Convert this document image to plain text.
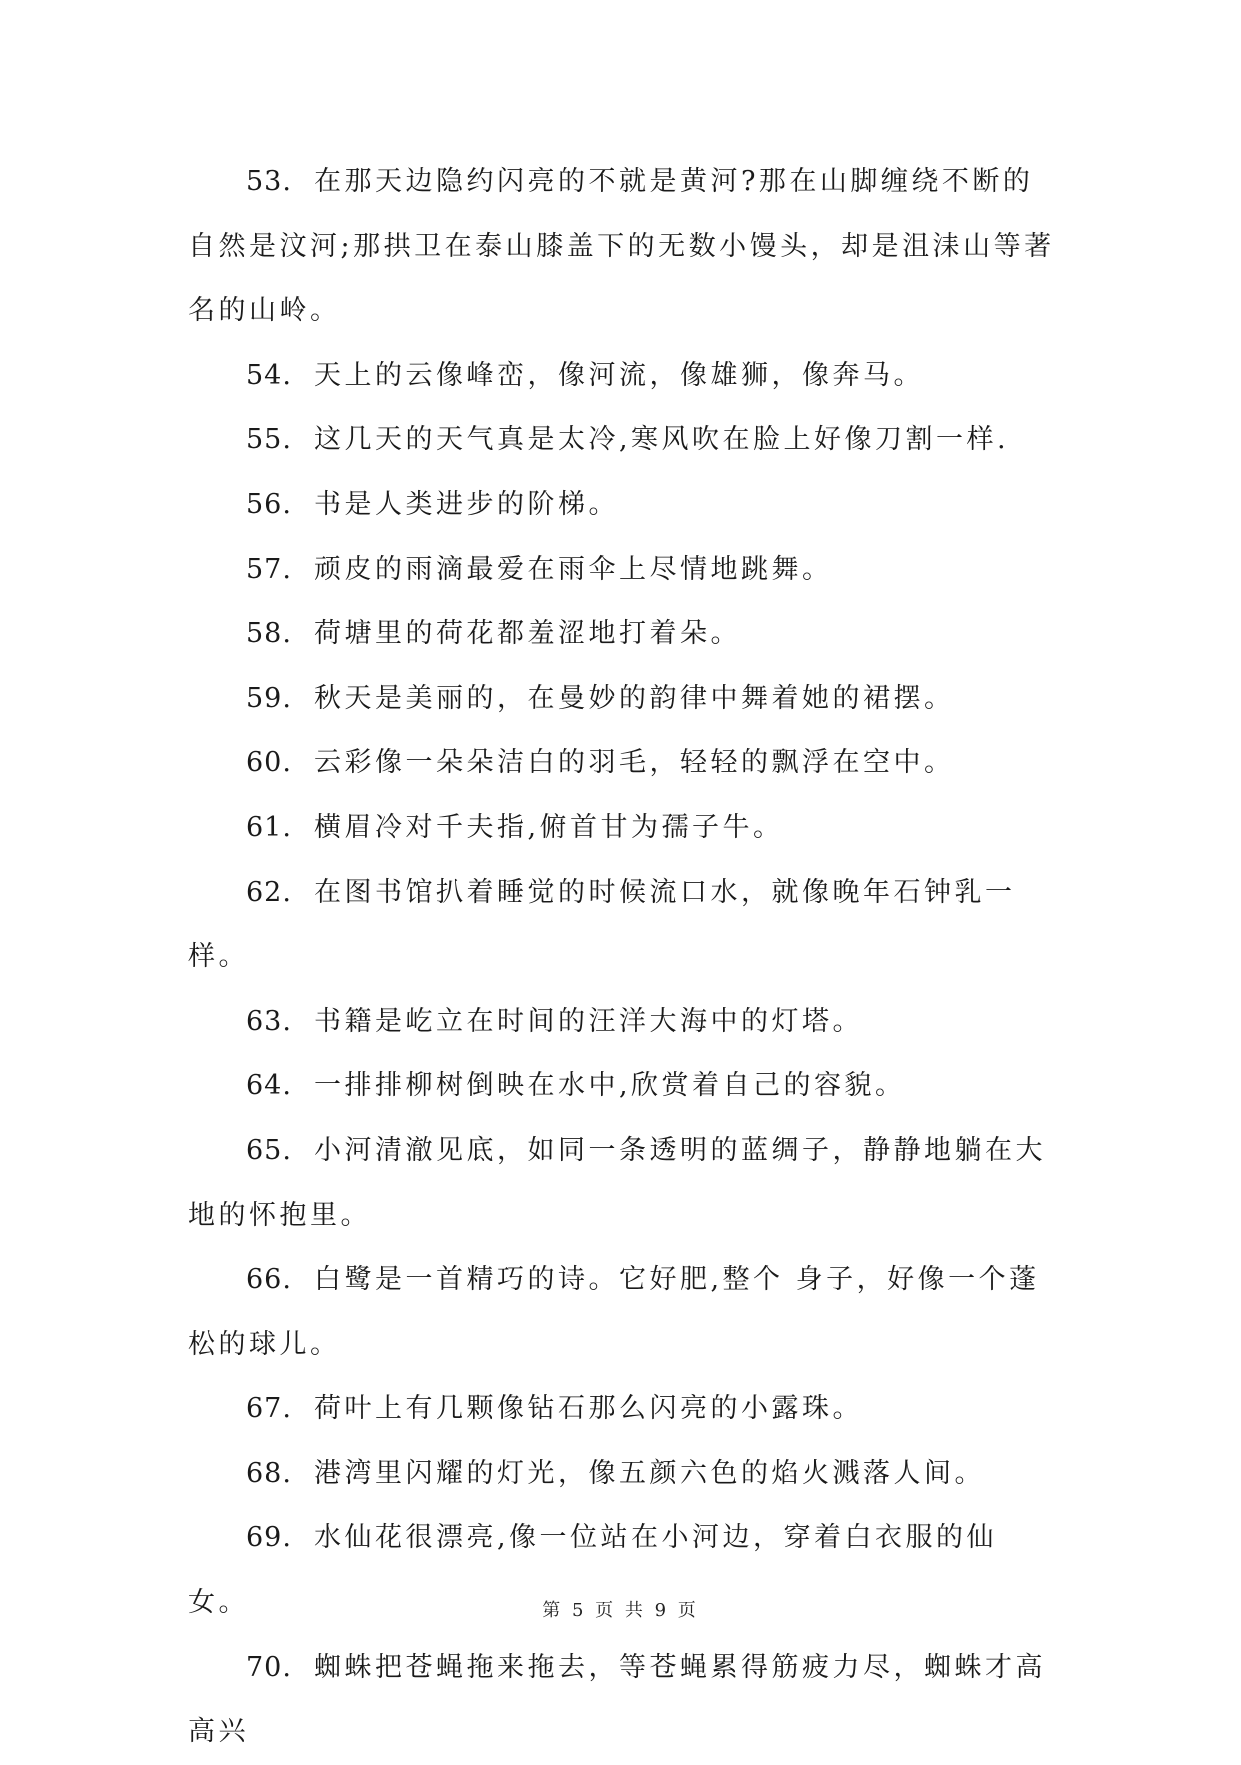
53. 在那天边隐约闪亮的不就是黄河?那在山脚缠绕不断的自然是汶河;那拱卫在泰山膝盖下的无数小馒头，却是沮洡山等著名的山岭。

54. 天上的云像峰峦，像河流，像雄狮，像奔马。

55. 这几天的天气真是太冷,寒风吹在脸上好像刀割一样.

56. 书是人类进步的阶梯。

57. 顽皮的雨滴最爱在雨伞上尽情地跳舞。

58. 荷塘里的荷花都羞涩地打着朵。

59. 秋天是美丽的，在曼妙的韵律中舞着她的裙摆。

60. 云彩像一朵朵洁白的羽毛，轻轻的飘浮在空中。

61. 横眉冷对千夫指,俯首甘为孺子牛。

62. 在图书馆扒着睡觉的时候流口水，就像晚年石钟乳一样。

63. 书籍是屹立在时间的汪洋大海中的灯塔。

64. 一排排柳树倒映在水中,欣赏着自己的容貌。

65. 小河清澈见底，如同一条透明的蓝绸子，静静地躺在大地的怀抱里。

66. 白鹭是一首精巧的诗。它好肥,整个 身子，好像一个蓬松的球儿。

67. 荷叶上有几颗像钻石那么闪亮的小露珠。

68. 港湾里闪耀的灯光，像五颜六色的焰火溅落人间。

69. 水仙花很漂亮,像一位站在小河边，穿着白衣服的仙女。

70. 蜘蛛把苍蝇拖来拖去，等苍蝇累得筋疲力尽，蜘蛛才高高兴

第 5 页 共 9 页
